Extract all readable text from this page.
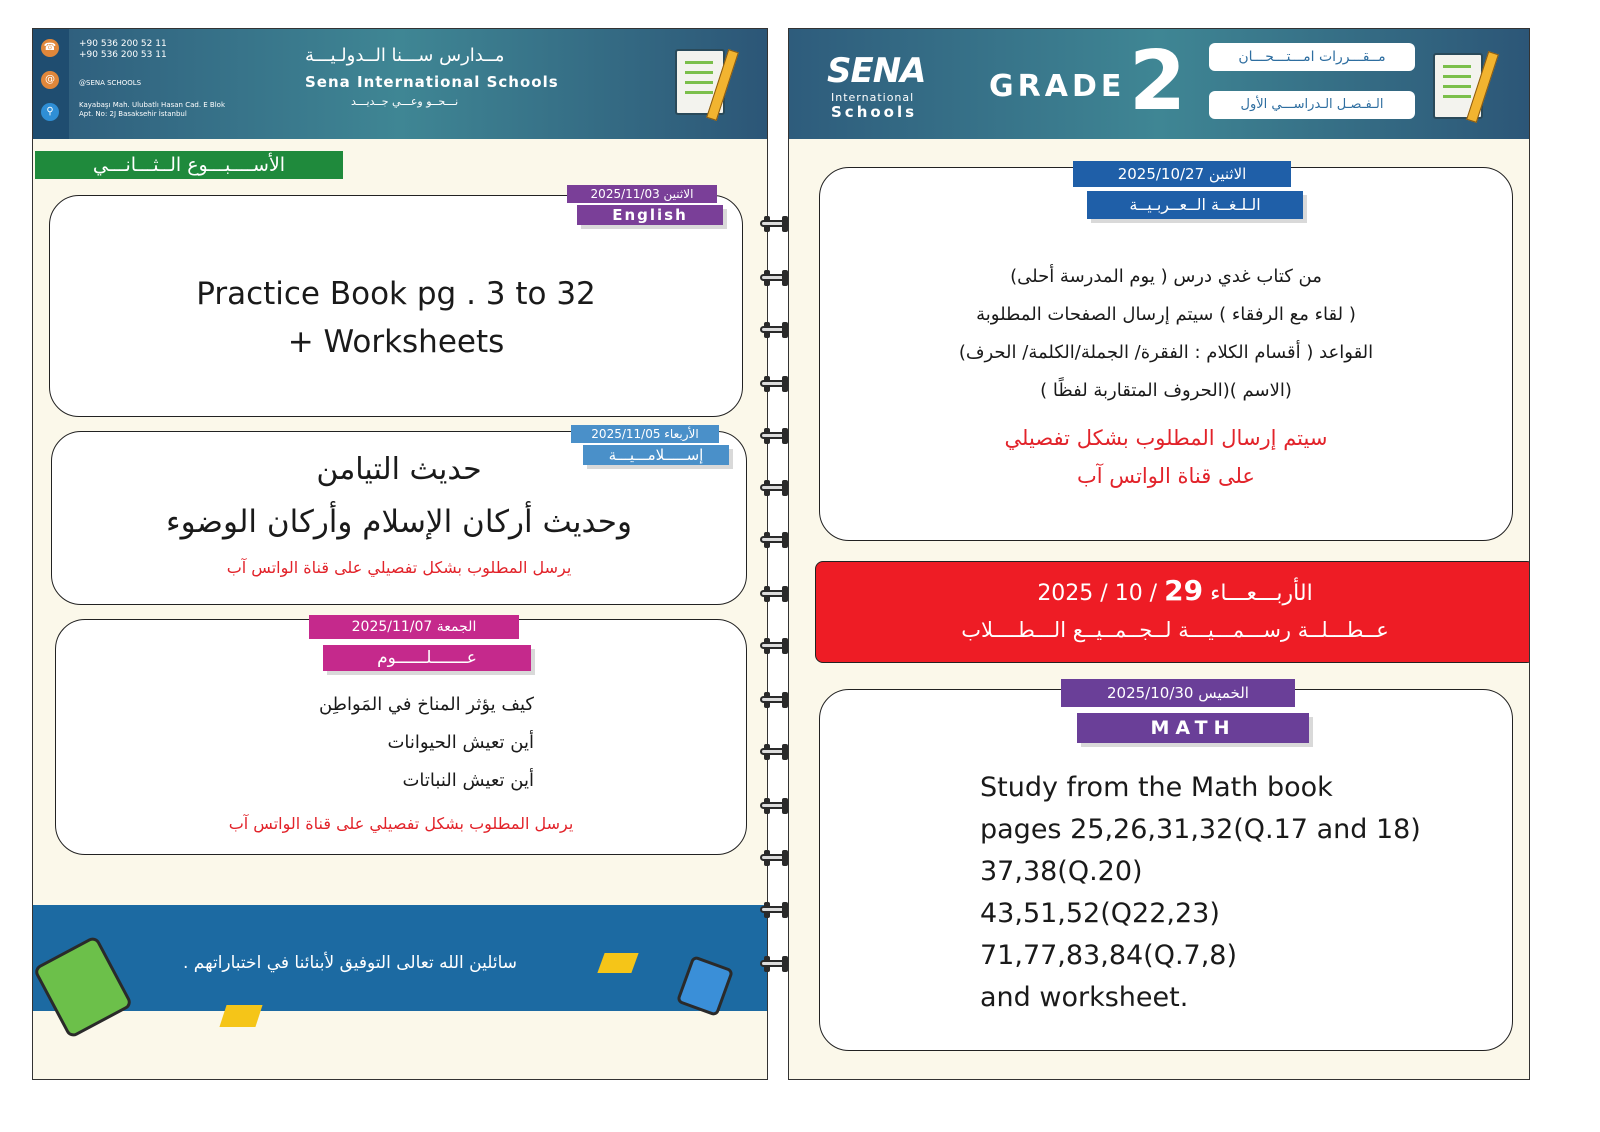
☎
@
⚲
+90 536 200 52 11
+90 536 200 53 11
@SENA SCHOOLS
Kayabaşı Mah. Ulubatlı Hasan Cad. E Blok
Apt. No: 2J Basaksehir İstanbul
مــدارس ســـنا الــدولـيـــة
Sena International Schools
نـــحــو وعـــي جــديـــد
الأســــبـــوع الــثـــانـــي
Practice Book pg . 3 to 32
+ Worksheets
الاثنين 2025/11/03
English
حديث التيامن
وحديث أركان الإسلام وأركان الوضوء
يرسل المطلوب بشكل تفصيلي على قناة الواتس آب
الأربعاء 2025/11/05
إســـــلامـــيـــة
كيف يؤثر المناخ في المَواطِن
أين تعيش الحيوانات
أين تعيش النباتات
يرسل المطلوب بشكل تفصيلي على قناة الواتس آب
الجمعة 2025/11/07
عـــــــلــــــوم
سائلين الله تعالى التوفيق لأبنائنا في اختباراتهم .
SENA
International
Schools
GRADE 2	مــقـــررات امـــتـــحـــان
الـفـصـل الـدراســـي الأول
من كتاب غدي درس ( يوم المدرسة أحلى)
( لقاء مع الرفقاء ) سيتم إرسال الصفحات المطلوبة
القواعد ( أقسام الكلام : الفقرة/ الجملة/الكلمة/ الحرف)
(الاسم )(الحروف المتقاربة لفظًا )
سيتم إرسال المطلوب بشكل تفصيلي
على قناة الواتس آب
الاثنين 2025/10/27
الـلـغــة الــعــربـيــة
2025 / 10 / 29 الأربـــعـــاء
عــطـــلــة رســـمـــيـــة لــجــمــيــع الـــطــــلاب
Study from the Math book
pages 25,26,31,32(Q.17 and 18)
37,38(Q.20)
43,51,52(Q22,23)
71,77,83,84(Q.7,8)
and worksheet.
الخميس 2025/10/30
MATH
